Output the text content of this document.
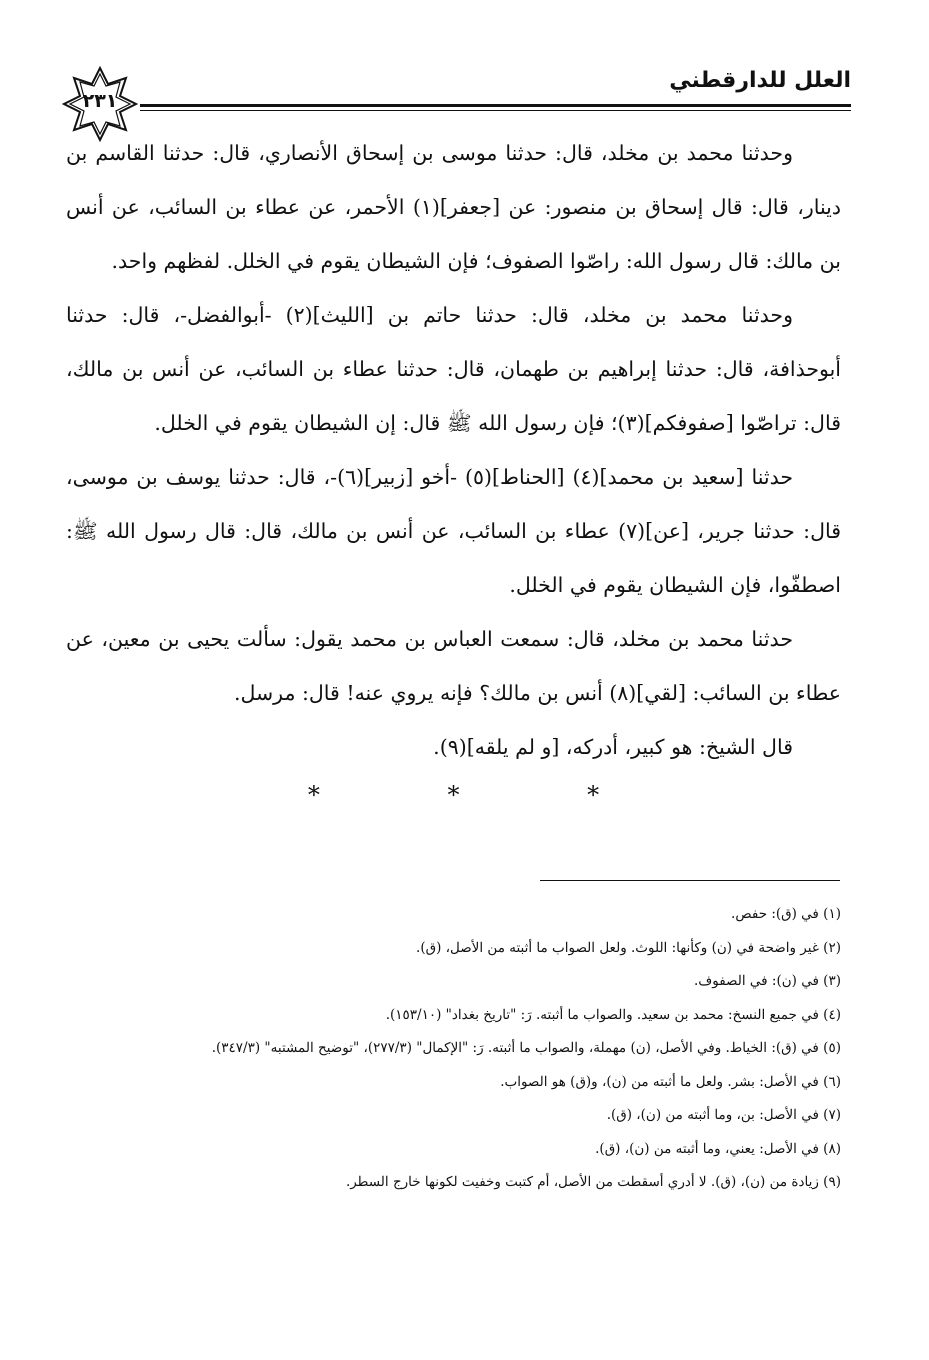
العلل للدارقطني
٢٣١

وحدثنا محمد بن مخلد، قال: حدثنا موسى بن إسحاق الأنصاري، قال: حدثنا القاسم بن دينار، قال: قال إسحاق بن منصور: عن [جعفر](١) الأحمر، عن عطاء بن السائب، عن أنس بن مالك: قال رسول الله: راصّوا الصفوف؛ فإن الشيطان يقوم في الخلل. لفظهم واحد.

وحدثنا محمد بن مخلد، قال: حدثنا حاتم بن [الليث](٢) -أبوالفضل-، قال: حدثنا أبوحذافة، قال: حدثنا إبراهيم بن طهمان، قال: حدثنا عطاء بن السائب، عن أنس بن مالك، قال: تراصّوا [صفوفكم](٣)؛ فإن رسول الله ﷺ قال: إن الشيطان يقوم في الخلل.

حدثنا [سعيد بن محمد](٤) [الحناط](٥) -أخو [زبير](٦)-، قال: حدثنا يوسف بن موسى، قال: حدثنا جرير، [عن](٧) عطاء بن السائب، عن أنس بن مالك، قال: قال رسول الله ﷺ: اصطفّوا، فإن الشيطان يقوم في الخلل.

حدثنا محمد بن مخلد، قال: سمعت العباس بن محمد يقول: سألت يحيى بن معين، عن عطاء بن السائب: [لقي](٨) أنس بن مالك؟ فإنه يروي عنه! قال: مرسل.

قال الشيخ: هو كبير، أدركه، [و لم يلقه](٩).

* * *

(١) في (ق): حفص.

(٢) غير واضحة في (ن) وكأنها: اللوث. ولعل الصواب ما أثبته من الأصل، (ق).

(٣) في (ن): في الصفوف.

(٤) في جميع النسخ: محمد بن سعيد. والصواب ما أثبته. رَ: "تاريخ بغداد" (١٥٣/١٠).

(٥) في (ق): الخياط. وفي الأصل، (ن) مهملة، والصواب ما أثبته. رَ: "الإكمال" (٢٧٧/٣)، "توضيح المشتبه" (٣٤٧/٣).

(٦) في الأصل: بشر. ولعل ما أثبته من (ن)، و(ق) هو الصواب.

(٧) في الأصل: بن، وما أثبته من (ن)، (ق).

(٨) في الأصل: يعني، وما أثبته من (ن)، (ق).

(٩) زيادة من (ن)، (ق). لا أدري أسقطت من الأصل، أم كتبت وخفيت لكونها خارج السطر.
